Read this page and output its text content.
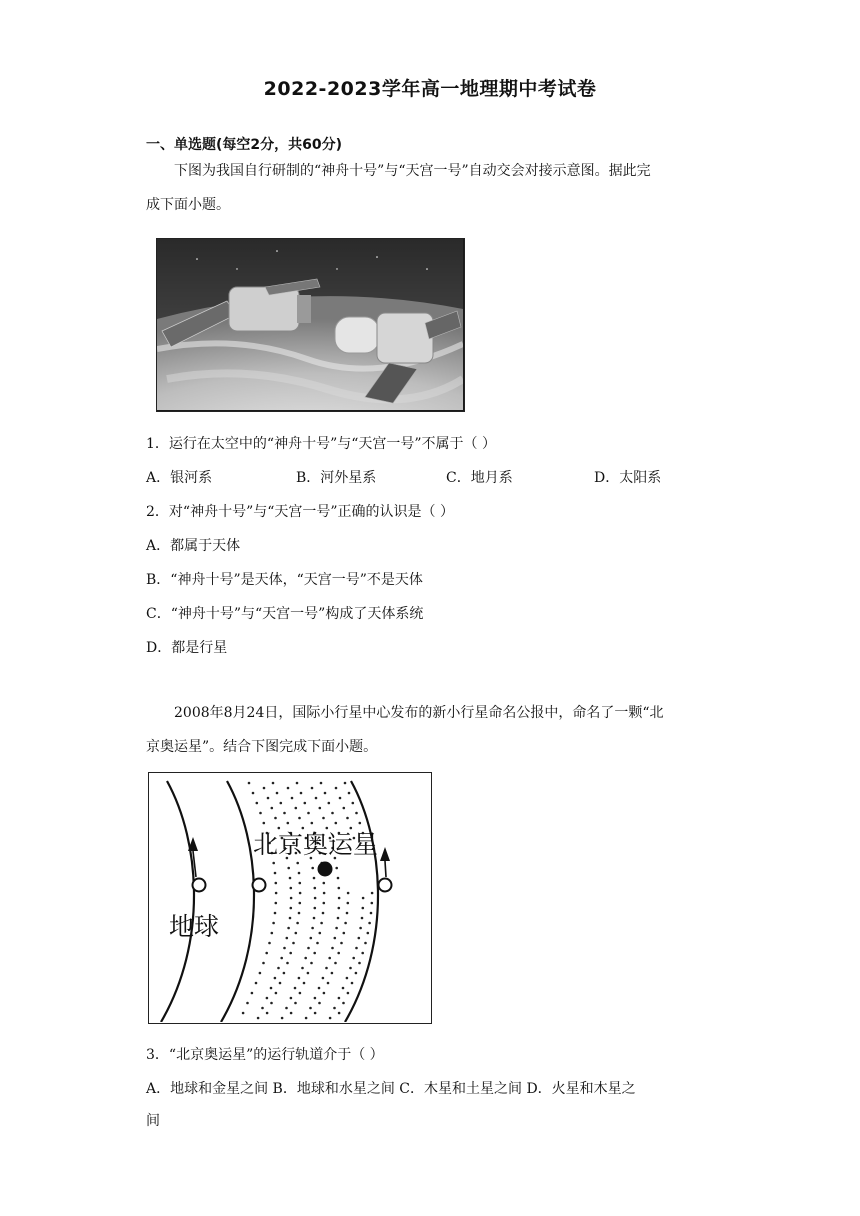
2022-2023学年高一地理期中考试卷
一、单选题(每空2分，共60分)
下图为我国自行研制的“神舟十号”与“天宫一号”自动交会对接示意图。据此完
成下面小题。
1．运行在太空中的“神舟十号”与“天宫一号”不属于（ ）
A．银河系	B．河外星系	C．地月系	D．太阳系
2．对“神舟十号”与“天宫一号”正确的认识是（ ）
A．都属于天体
B．“神舟十号”是天体，“天宫一号”不是天体
C．“神舟十号”与“天宫一号”构成了天体系统
D．都是行星
2008年8月24日，国际小行星中心发布的新小行星命名公报中，命名了一颗“北
京奥运星”。结合下图完成下面小题。
北京奥运星
地球
3．“北京奥运星”的运行轨道介于（ ）
A．地球和金星之间 B．地球和水星之间 C．木星和土星之间 D．火星和木星之
间
